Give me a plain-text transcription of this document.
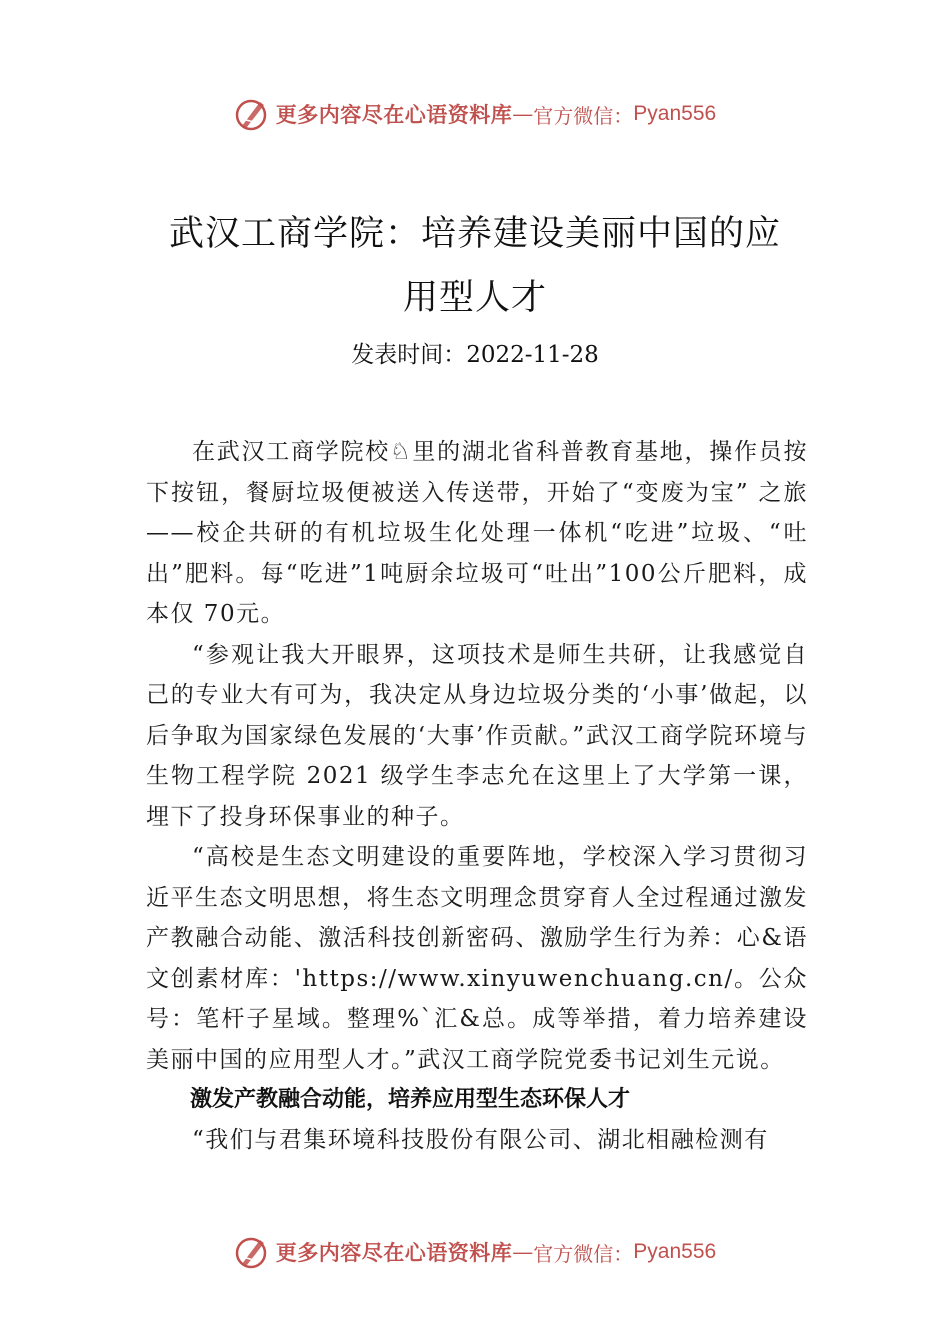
更多内容尽在心语资料库 — 官方微信： Pyan556
武汉工商学院：培养建设美丽中国的应
用型人才
发表时间：2022-11-28

在武汉工商学院校♘里的湖北省科普教育基地，操作员按下按钮，餐厨垃圾便被送入传送带，开始了“变废为宝” 之旅——校企共研的有机垃圾生化处理一体机“吃进”垃圾、“吐出”肥料。每“吃进”1吨厨余垃圾可“吐出”100公斤肥料，成本仅 70元。

“参观让我大开眼界，这项技术是师生共研，让我感觉自己的专业大有可为，我决定从身边垃圾分类的‘小事’做起，以后争取为国家绿色发展的‘大事’作贡献。”武汉工商学院环境与生物工程学院 2021 级学生李志允在这里上了大学第一课，埋下了投身环保事业的种子。

“高校是生态文明建设的重要阵地，学校深入学习贯彻习近平生态文明思想，将生态文明理念贯穿育人全过程通过激发产教融合动能、激活科技创新密码、激励学生行为养：心&语文创素材库：'https://www.xinyuwenchuang.cn/。公众号：笔杆子星域。整理%`汇&总。成等举措，着力培养建设美丽中国的应用型人才。”武汉工商学院党委书记刘生元说。

激发产教融合动能，培养应用型生态环保人才

“我们与君集环境科技股份有限公司、湖北相融检测有

更多内容尽在心语资料库 — 官方微信： Pyan556
